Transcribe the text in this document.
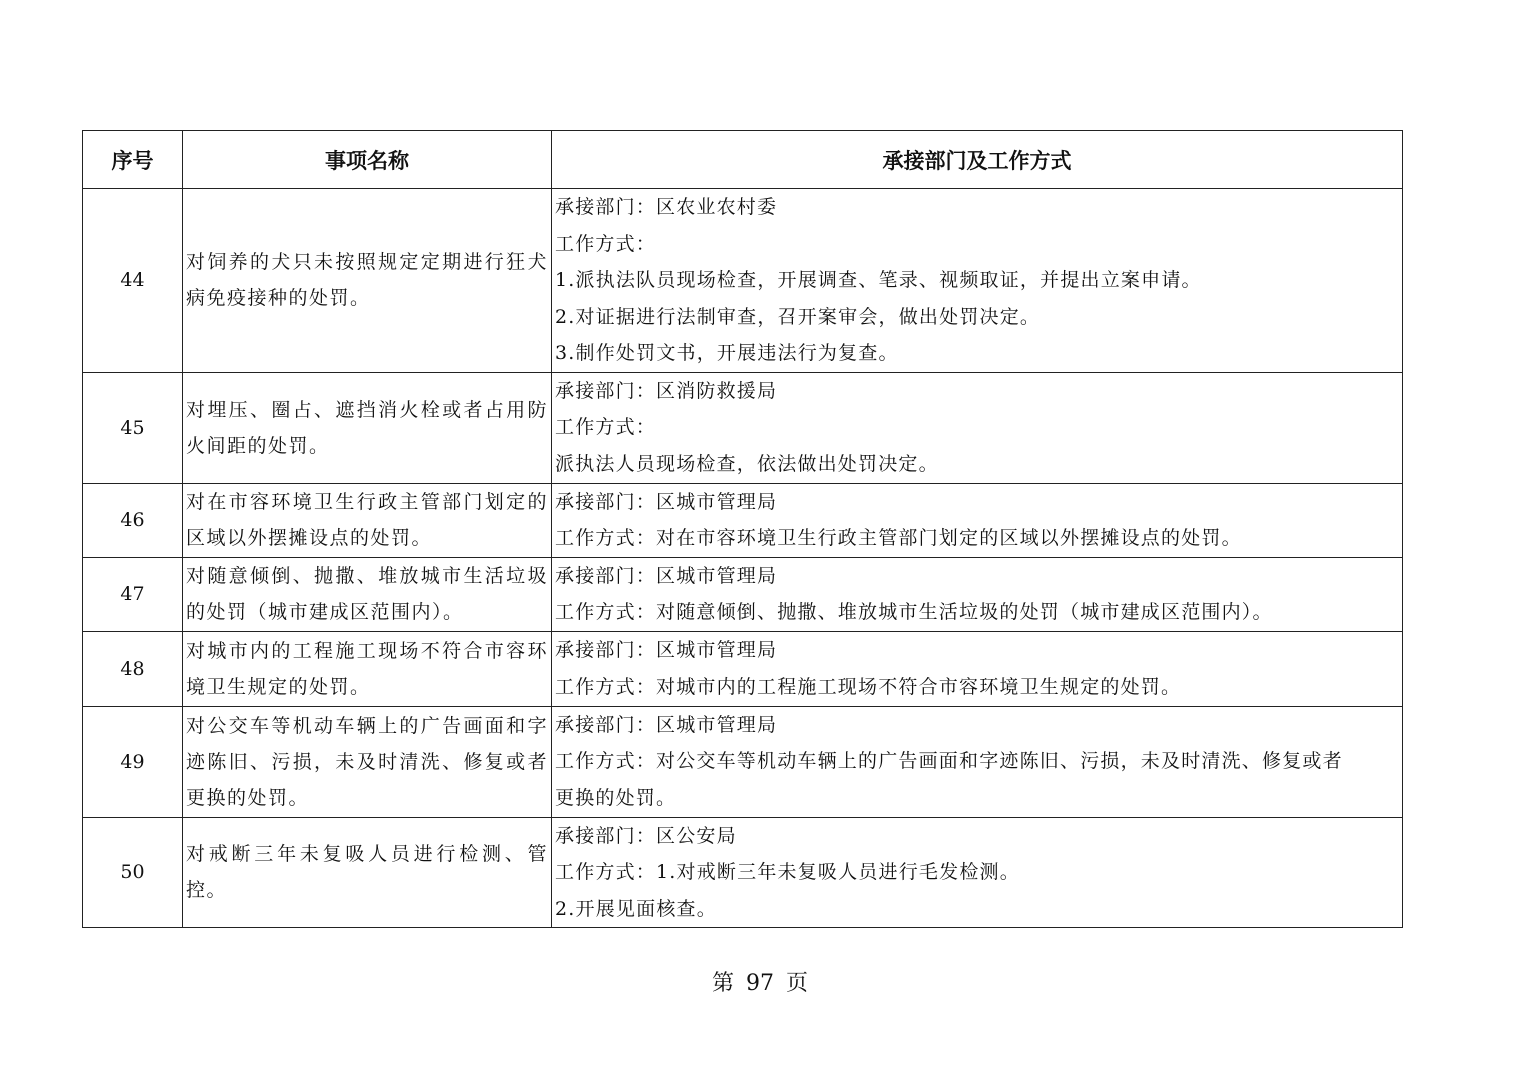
序号	事项名称	承接部门及工作方式
44	对饲养的犬只未按照规定定期进行狂犬病免疫接种的处罚。	承接部门：区农业农村委
工作方式：
1.派执法队员现场检查，开展调查、笔录、视频取证，并提出立案申请。
2.对证据进行法制审查，召开案审会，做出处罚决定。
3.制作处罚文书，开展违法行为复查。

45	对埋压、圈占、遮挡消火栓或者占用防火间距的处罚。	承接部门：区消防救援局
工作方式：
派执法人员现场检查，依法做出处罚决定。

46	对在市容环境卫生行政主管部门划定的区域以外摆摊设点的处罚。	承接部门：区城市管理局
工作方式：对在市容环境卫生行政主管部门划定的区域以外摆摊设点的处罚。

47	对随意倾倒、抛撒、堆放城市生活垃圾的处罚（城市建成区范围内）。	承接部门：区城市管理局
工作方式：对随意倾倒、抛撒、堆放城市生活垃圾的处罚（城市建成区范围内）。

48	对城市内的工程施工现场不符合市容环境卫生规定的处罚。	承接部门：区城市管理局
工作方式：对城市内的工程施工现场不符合市容环境卫生规定的处罚。

49	对公交车等机动车辆上的广告画面和字迹陈旧、污损，未及时清洗、修复或者更换的处罚。	承接部门：区城市管理局
工作方式：对公交车等机动车辆上的广告画面和字迹陈旧、污损，未及时清洗、修复或者
更换的处罚。

50	对戒断三年未复吸人员进行检测、管控。	承接部门：区公安局
工作方式：1.对戒断三年未复吸人员进行毛发检测。
2.开展见面核查。
第 97 页
